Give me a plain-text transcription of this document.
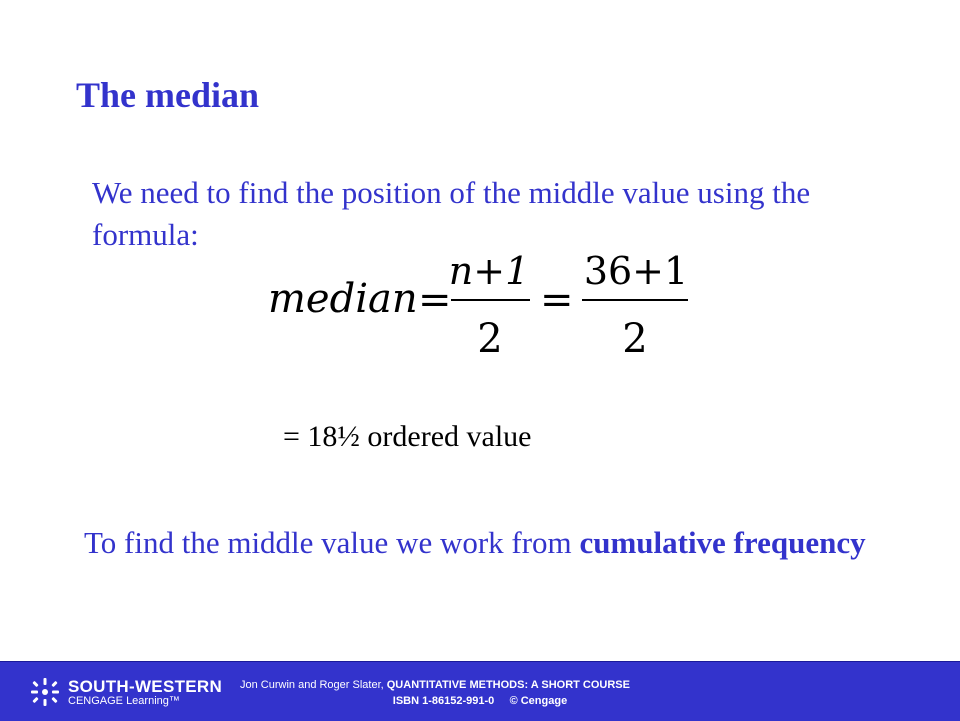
The median
We need to find the position of the middle value using the formula:
median =
n+1
2
=
36+1
2
= 18½ ordered value
To find the middle value we work from cumulative frequency
SOUTH-WESTERN
CENGAGE Learning™
Jon Curwin and Roger Slater, QUANTITATIVE METHODS: A SHORT COURSE
ISBN 1-86152-991-0 © Cengage
